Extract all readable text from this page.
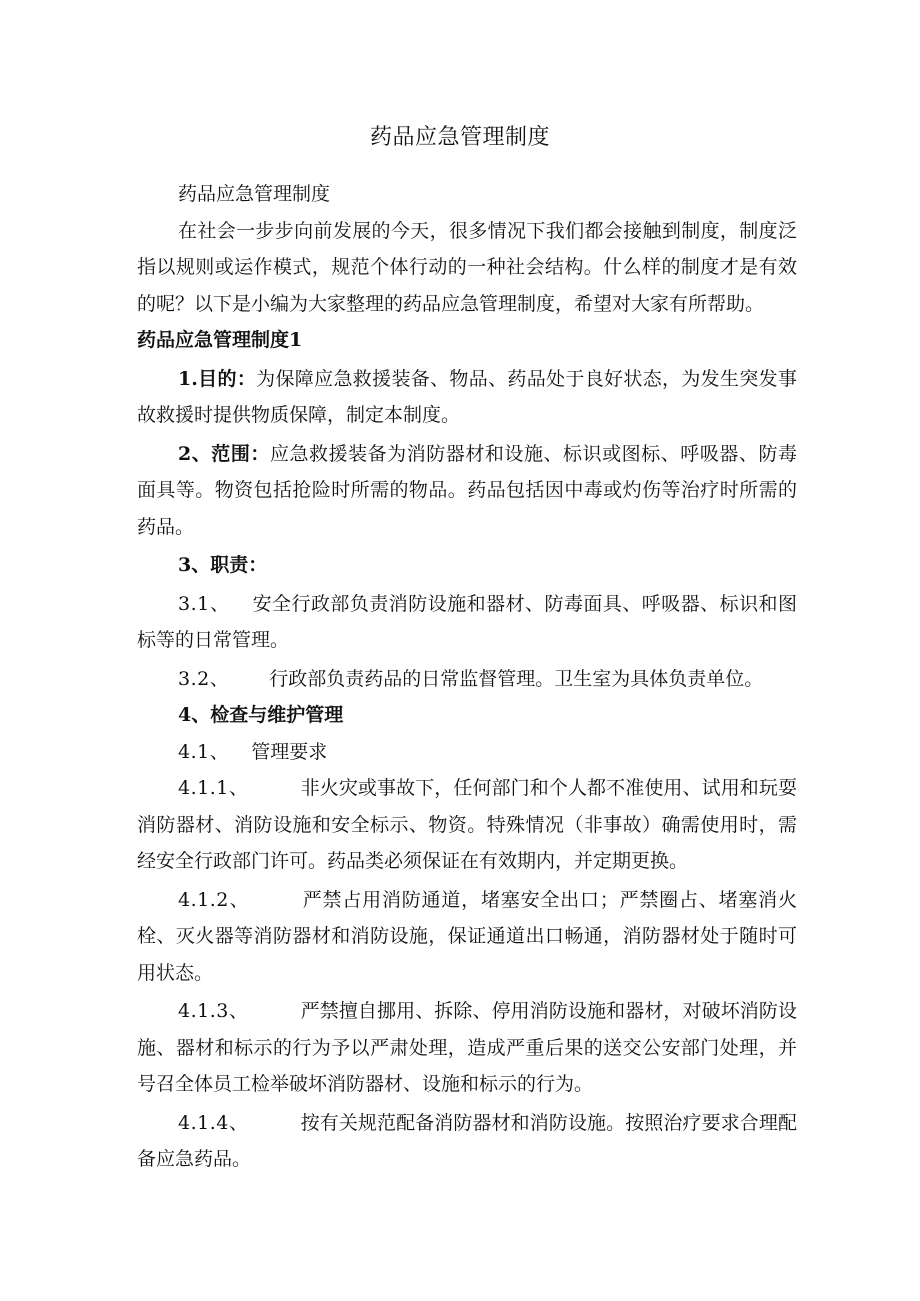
药品应急管理制度

药品应急管理制度

在社会一步步向前发展的今天，很多情况下我们都会接触到制度，制度泛指以规则或运作模式，规范个体行动的一种社会结构。什么样的制度才是有效的呢？以下是小编为大家整理的药品应急管理制度，希望对大家有所帮助。

药品应急管理制度1

1.目的：为保障应急救援装备、物品、药品处于良好状态，为发生突发事故救援时提供物质保障，制定本制度。

2、范围：应急救援装备为消防器材和设施、标识或图标、呼吸器、防毒面具等。物资包括抢险时所需的物品。药品包括因中毒或灼伤等治疗时所需的药品。

3、职责：

3.1、 安全行政部负责消防设施和器材、防毒面具、呼吸器、标识和图标等的日常管理。

3.2、 行政部负责药品的日常监督管理。卫生室为具体负责单位。

4、检查与维护管理

4.1、 管理要求

4.1.1、	非火灾或事故下，任何部门和个人都不准使用、试用和玩耍消防器材、消防设施和安全标示、物资。特殊情况（非事故）确需使用时，需经安全行政部门许可。药品类必须保证在有效期内，并定期更换。

4.1.2、	严禁占用消防通道，堵塞安全出口；严禁圈占、堵塞消火栓、灭火器等消防器材和消防设施，保证通道出口畅通，消防器材处于随时可用状态。

4.1.3、	严禁擅自挪用、拆除、停用消防设施和器材，对破坏消防设施、器材和标示的行为予以严肃处理，造成严重后果的送交公安部门处理，并号召全体员工检举破坏消防器材、设施和标示的行为。

4.1.4、	按有关规范配备消防器材和消防设施。按照治疗要求合理配备应急药品。
